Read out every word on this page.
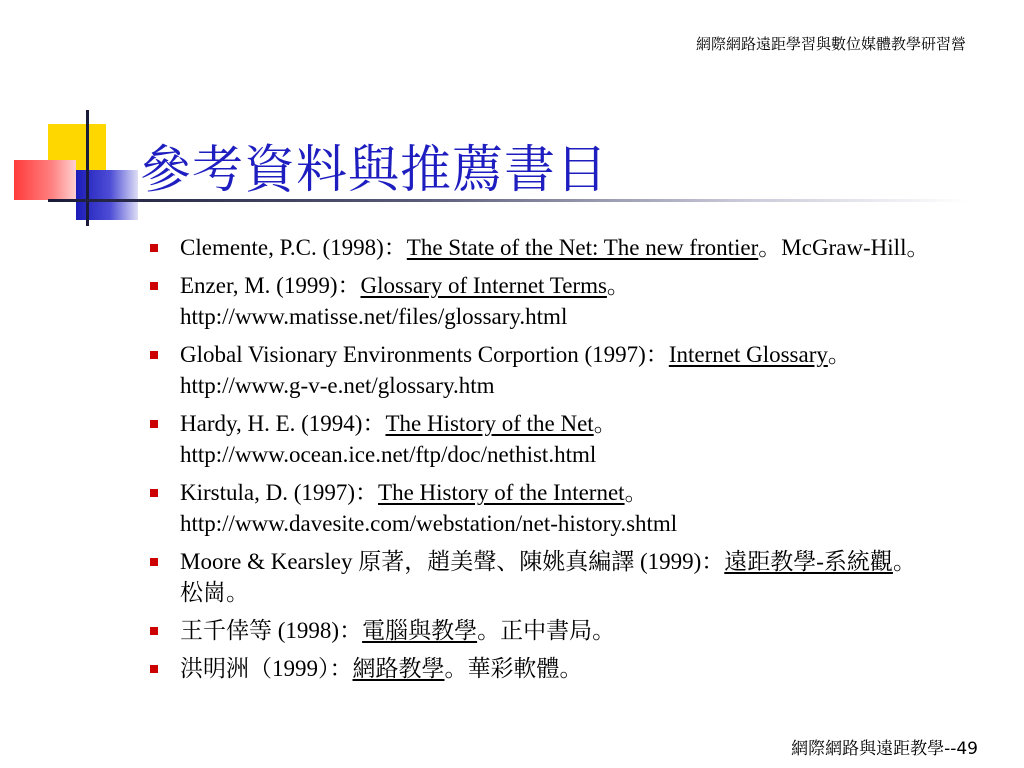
網際網路遠距學習與數位媒體教學研習營
參考資料與推薦書目
Clemente, P.C. (1998)：The State of the Net: The new frontier。McGraw-Hill。
Enzer, M. (1999)：Glossary of Internet Terms。http://www.matisse.net/files/glossary.html
Global Visionary Environments Corportion (1997)：Internet Glossary。http://www.g-v-e.net/glossary.htm
Hardy, H. E. (1994)：The History of the Net。http://www.ocean.ice.net/ftp/doc/nethist.html
Kirstula, D. (1997)：The History of the Internet。http://www.davesite.com/webstation/net-history.shtml
Moore & Kearsley 原著，趙美聲、陳姚真編譯 (1999)：遠距教學-系統觀。松崗。
王千倖等 (1998)：電腦與教學。正中書局。
洪明洲（1999）：網路教學。華彩軟體。
網際網路與遠距教學--49
